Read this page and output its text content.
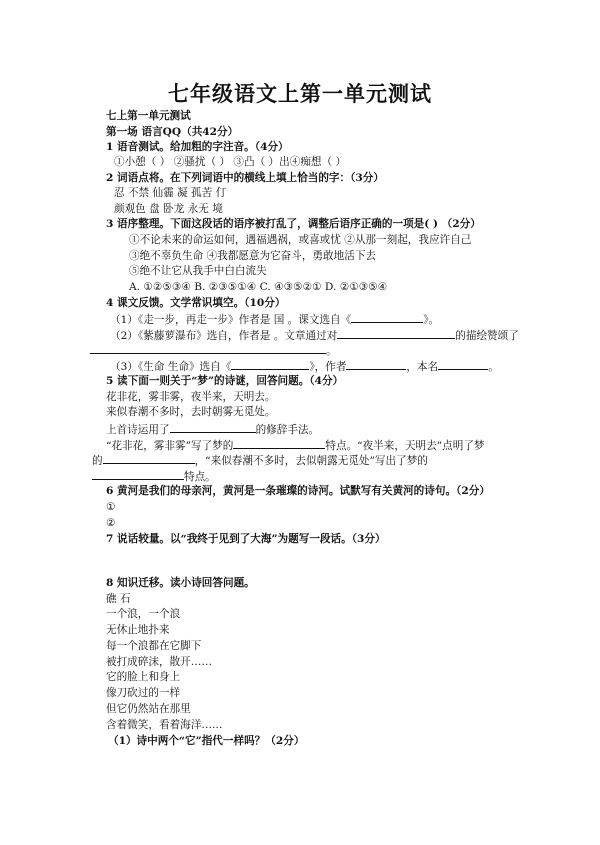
七年级语文上第一单元测试
七上第一单元测试
第一场 语言QQ（共42分）
1 语音测试。给加粗的字注音。（4分）
①小憩（ ） ②骚扰（ ） ③凸（ ）出④痴想（ ）
2 词语点将。在下列词语中的横线上填上恰当的字：（3分）
忍 不禁 仙霾 凝 孤苦 仃
颜观色 盘 卧龙 永无 境
3 语序整理。下面这段话的语序被打乱了，调整后语序正确的一项是( ) （2分）
①不论未来的命运如何，遇福遇祸，或喜或忧 ②从那一刻起，我应许自己
③绝不辜负生命 ④我都愿意为它奋斗，勇敢地活下去
⑤绝不让它从我手中白白流失
A. ①②⑤③④ B. ②③⑤①④ C. ④③⑤②① D. ②①③⑤④
4 课文反馈。文学常识填空。（10分）
（1）《走一步，再走一步》作者是 国 。课文选自《	》。
（2）《紫藤萝瀑布》选自，作者是 。文章通过对	的描绘赞颂了
。
（3）《生命 生命》选自《	》，作者	，本名	。
5 读下面一则关于“梦”的诗谜，回答问题。（4分）
花非花，雾非雾，夜半来，天明去。
来似春潮不多时，去时朝雾无觅处。
上首诗运用了	的修辞手法。
“花非花，雾非雾”写了梦的	特点。“夜半来，天明去”点明了梦
的	，“来似春潮不多时，去似朝露无觅处”写出了梦的
特点。
6 黄河是我们的母亲河，黄河是一条璀璨的诗河。试默写有关黄河的诗句。（2分）
①
②
7 说话较量。以“我终于见到了大海”为题写一段话。（3分）
8 知识迁移。读小诗回答问题。
礁 石
一个浪，一个浪
无休止地扑来
每一个浪都在它脚下
被打成碎沫，散开……
它的脸上和身上
像刀砍过的一样
但它仍然站在那里
含着微笑，看着海洋……
（1）诗中两个“它”指代一样吗？（2分）
